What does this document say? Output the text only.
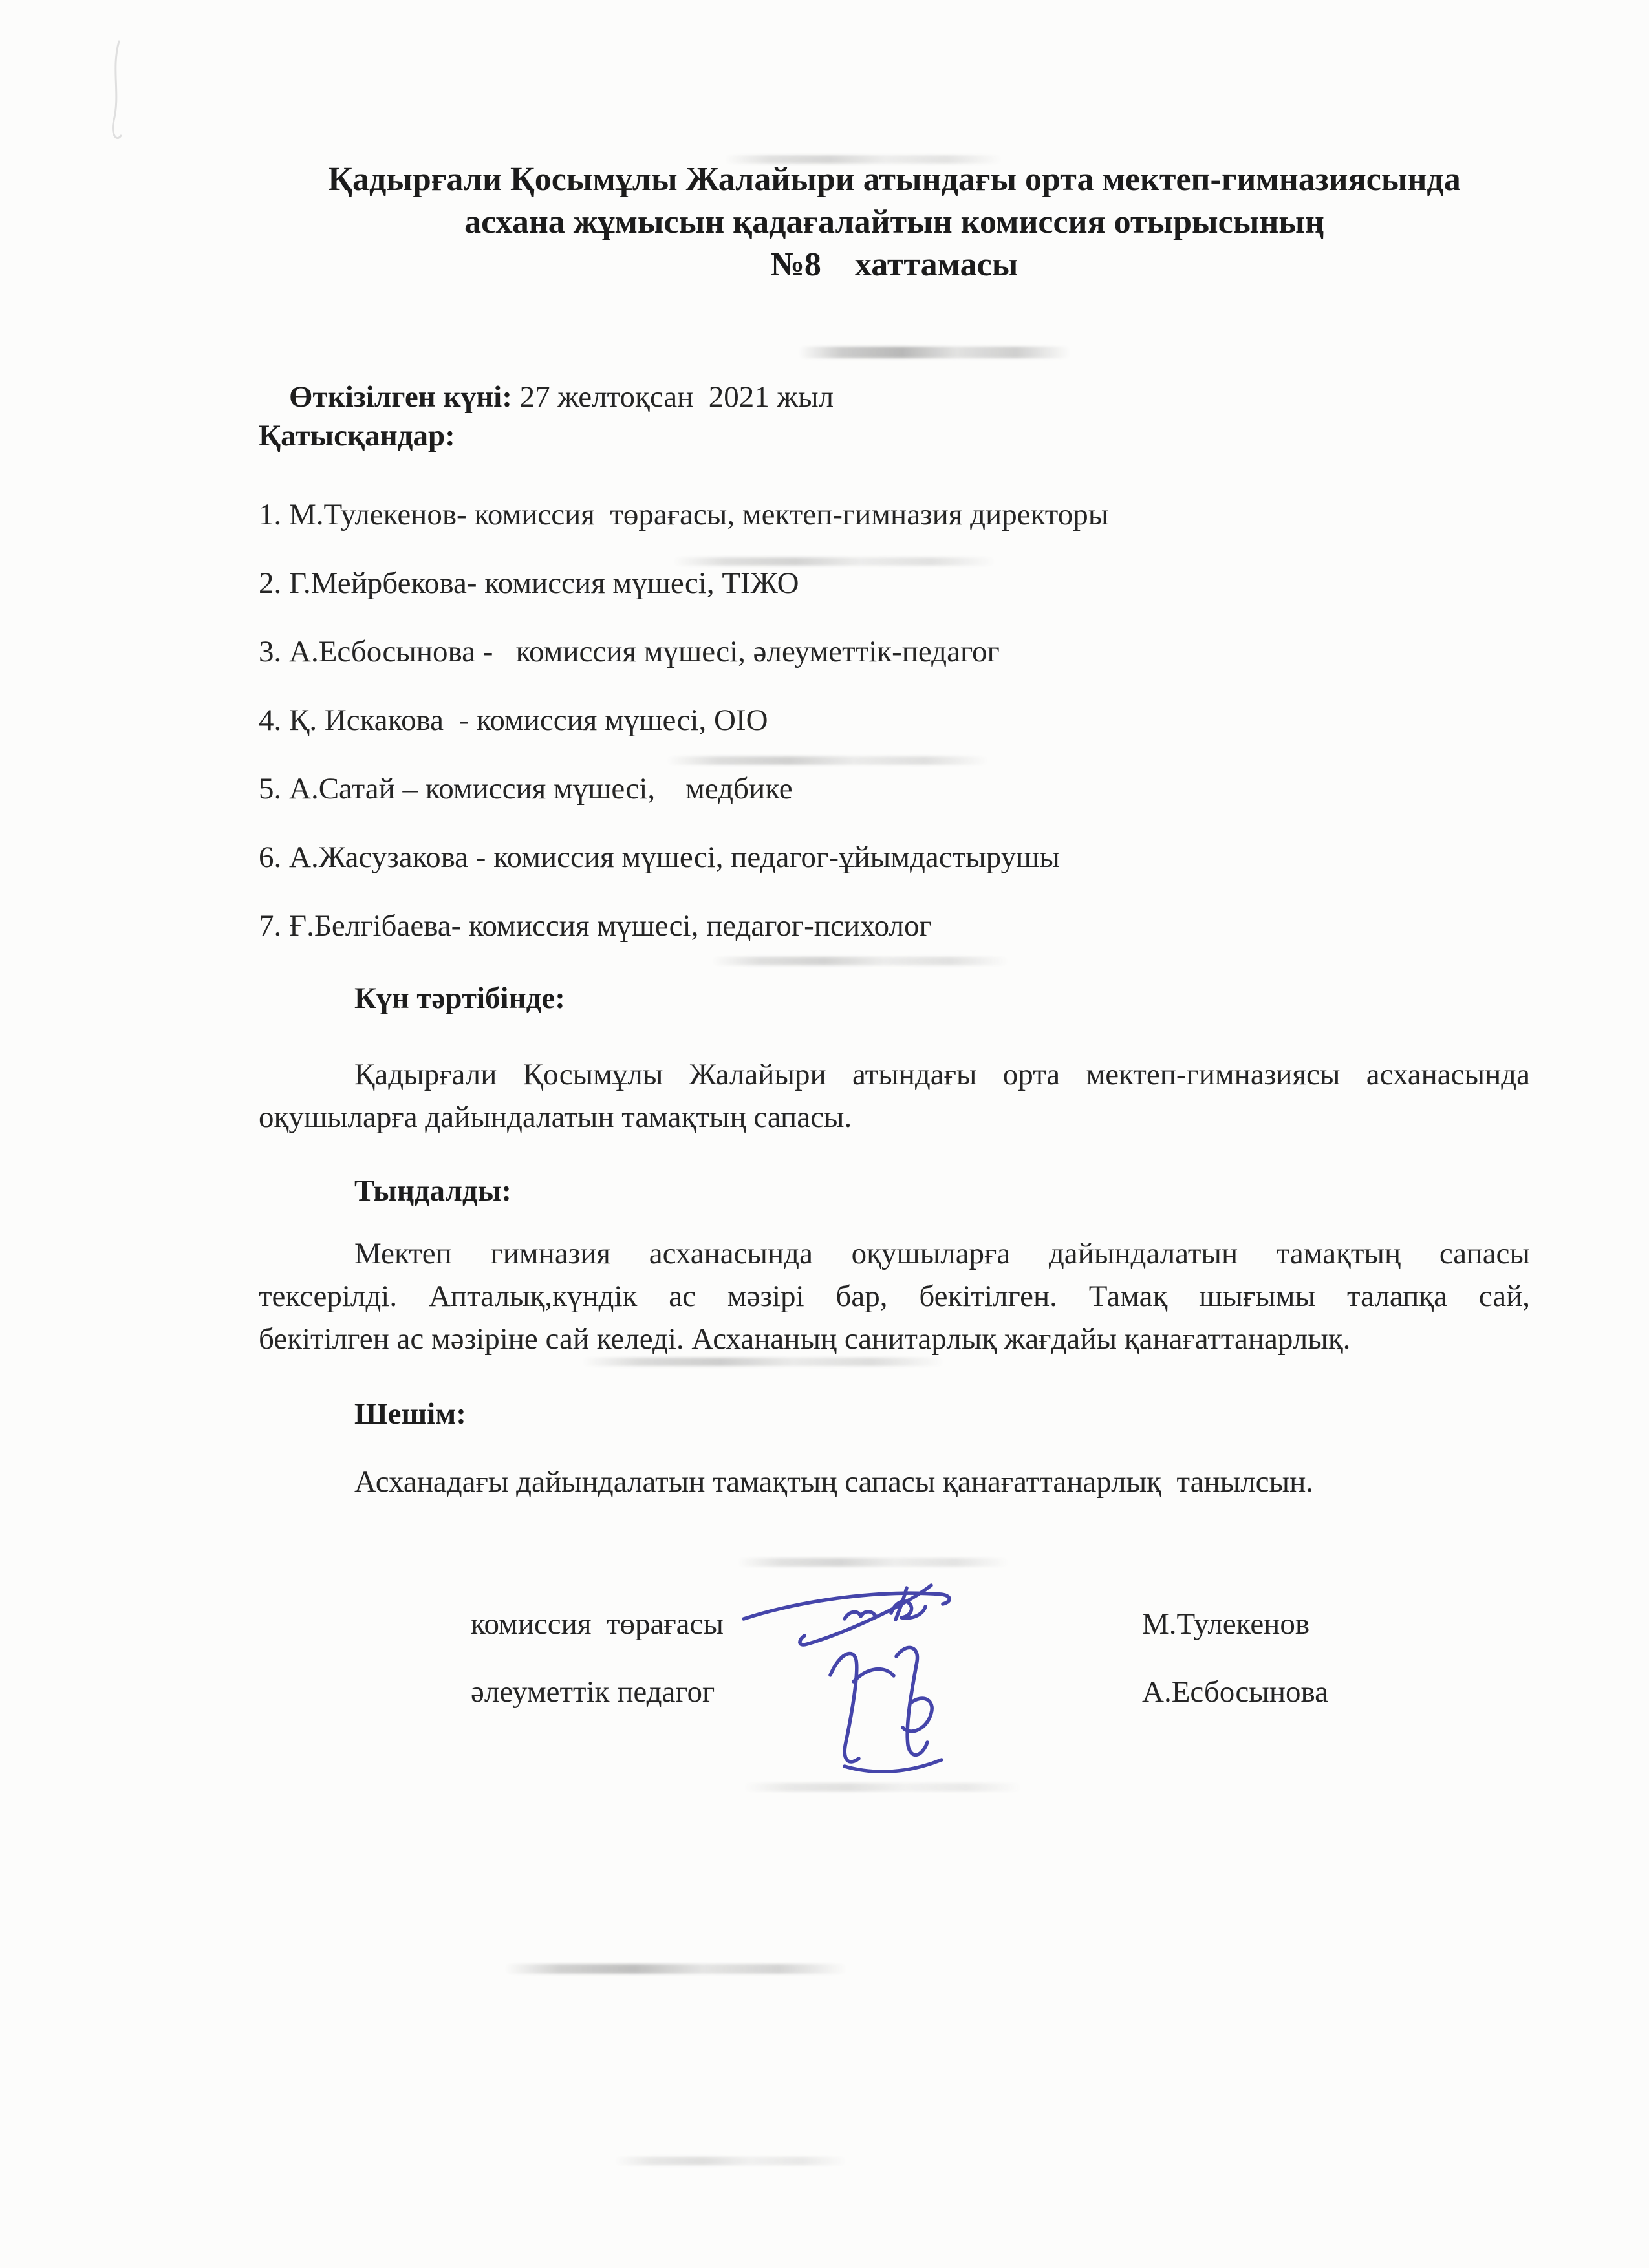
Қадырғали Қосымұлы Жалайыри атындағы орта мектеп-гимназиясында
асхана жұмысын қадағалайтын комиссия отырысының
№8    хаттамасы

Өткізілген күні: 27 желтоқсан  2021 жыл

Қатысқандар:
1. М.Тулекенов- комиссия  төрағасы, мектеп-гимназия директоры
2. Г.Мейрбекова- комиссия мүшесі, ТІЖО
3. А.Есбосынова -   комиссия мүшесі, әлеуметтік-педагог
4. Қ. Искакова  - комиссия мүшесі, ОІО
5. А.Сатай – комиссия мүшесі,    медбике
6. А.Жасузакова - комиссия мүшесі, педагог-ұйымдастырушы
7. Ғ.Белгібаева- комиссия мүшесі, педагог-психолог
Күн тәртібінде:
Қадырғали Қосымұлы Жалайыри атындағы орта мектеп-гимназиясы асханасында
оқушыларға дайындалатын тамақтың сапасы.
Тыңдалды:
Мектеп гимназия асханасында оқушыларға дайындалатын тамақтың сапасы
тексерілді. Апталық,күндік ас мәзірі бар, бекітілген. Тамақ шығымы талапқа сай,
бекітілген ас мәзіріне сай келеді. Асхананың санитарлық жағдайы қанағаттанарлық.
Шешім:
Асханадағы дайындалатын тамақтың сапасы қанағаттанарлық  танылсын.
комиссия  төрағасы	М.Тулекенов
әлеуметтік педагог	А.Есбосынова
